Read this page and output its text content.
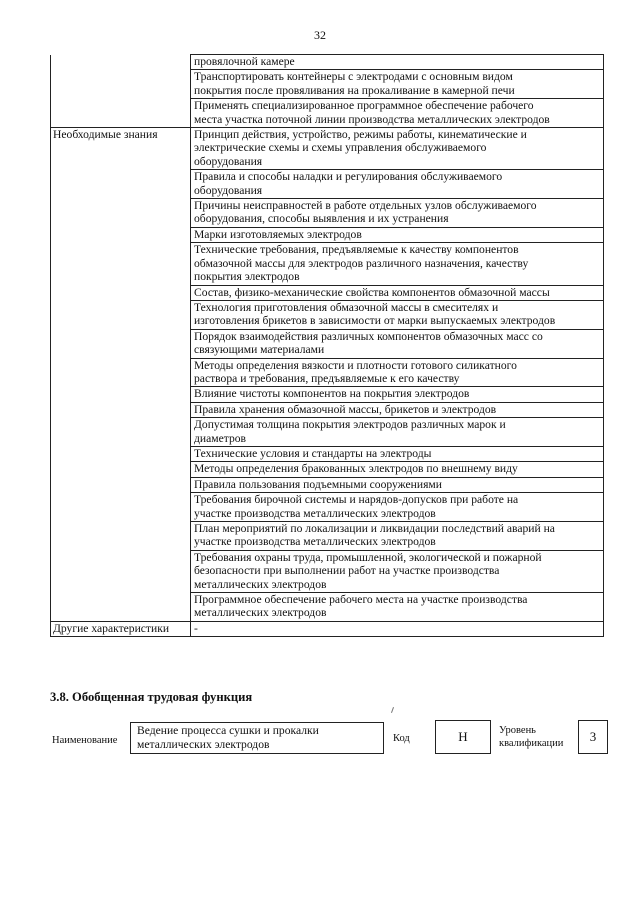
32

	провялочной камере

	Транспортировать контейнеры с электродами с основным видом
покрытия после провяливания на прокаливание в камерной печи

	Применять специализированное программное обеспечение рабочего
места участка поточной линии производства металлических электродов

Необходимые знания	Принцип действия, устройство, режимы работы, кинематические и
электрические схемы и схемы управления обслуживаемого
оборудования

	Правила и способы наладки и регулирования обслуживаемого
оборудования

	Причины неисправностей в работе отдельных узлов обслуживаемого
оборудования, способы выявления и их устранения

	Марки изготовляемых электродов

	Технические требования, предъявляемые к качеству компонентов
обмазочной массы для электродов различного назначения, качеству
покрытия электродов

	Состав, физико-механические свойства компонентов обмазочной массы

	Технология приготовления обмазочной массы в смесителях и
изготовления брикетов в зависимости от марки выпускаемых электродов

	Порядок взаимодействия различных компонентов обмазочных масс со
связующими материалами

	Методы определения вязкости и плотности готового силикатного
раствора и требования, предъявляемые к его качеству

	Влияние чистоты компонентов на покрытия электродов

	Правила хранения обмазочной массы, брикетов и электродов

	Допустимая толщина покрытия электродов различных марок и
диаметров

	Технические условия и стандарты на электроды

	Методы определения бракованных электродов по внешнему виду

	Правила пользования подъемными сооружениями

	Требования бирочной системы и нарядов-допусков при работе на
участке производства металлических электродов

	План мероприятий по локализации и ликвидации последствий аварий на
участке производства металлических электродов

	Требования охраны труда, промышленной, экологической и пожарной
безопасности при выполнении работ на участке производства
металлических электродов

	Программное обеспечение рабочего места на участке производства
металлических электродов

Другие характеристики	-
3.8. Обобщенная трудовая функция
Наименование
Ведение процесса сушки и прокалки
металлических электродов	Код	H	Уровень
квалификации	3
